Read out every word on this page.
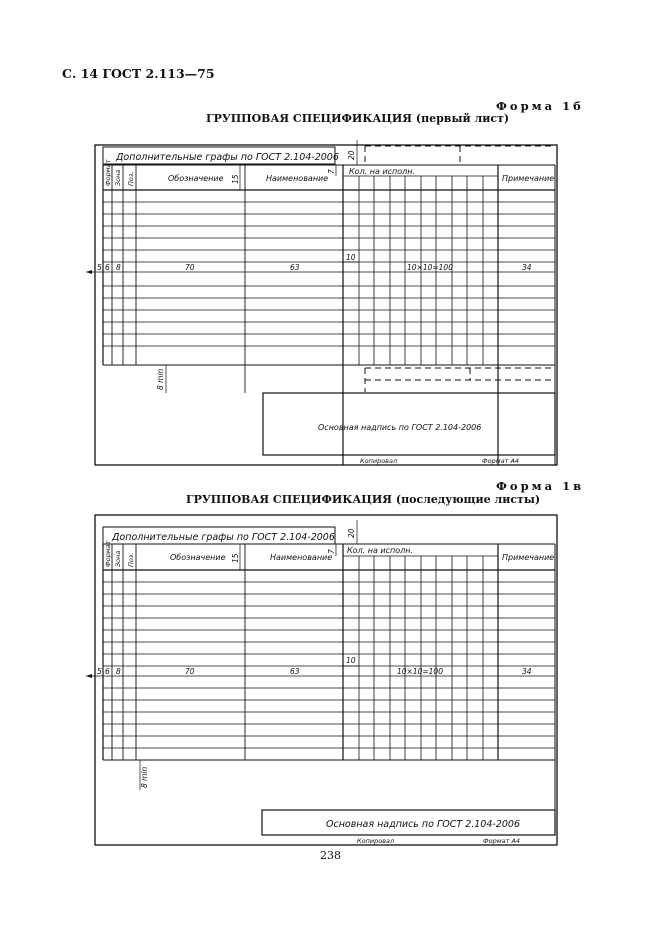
С. 14 ГОСТ 2.113—75
Форма 1б
ГРУППОВАЯ СПЕЦИФИКАЦИЯ (первый лист)
Форма 1в
ГРУППОВАЯ СПЕЦИФИКАЦИЯ (последующие листы)
Дополнительные графы по ГОСТ 2.104-2006
Формат Зона Поз.	Обозначение	Наименование
Кол. на исполн.
Примечание
20
15
7
10
5 6 8	70	63	10×10=100	34
8 min
Основная надпись по ГОСТ 2.104-2006
Копировал	Формат А4
Дополнительные графы по ГОСТ 2.104-2006
Формат Зона Поз.	Обозначение	Наименование
Кол. на исполн.
Примечание
20
15
7
10
5 6 8	70	63	10×10=100	34
8 min
Основная надпись по ГОСТ 2.104-2006
Копировал	Формат А4
238
